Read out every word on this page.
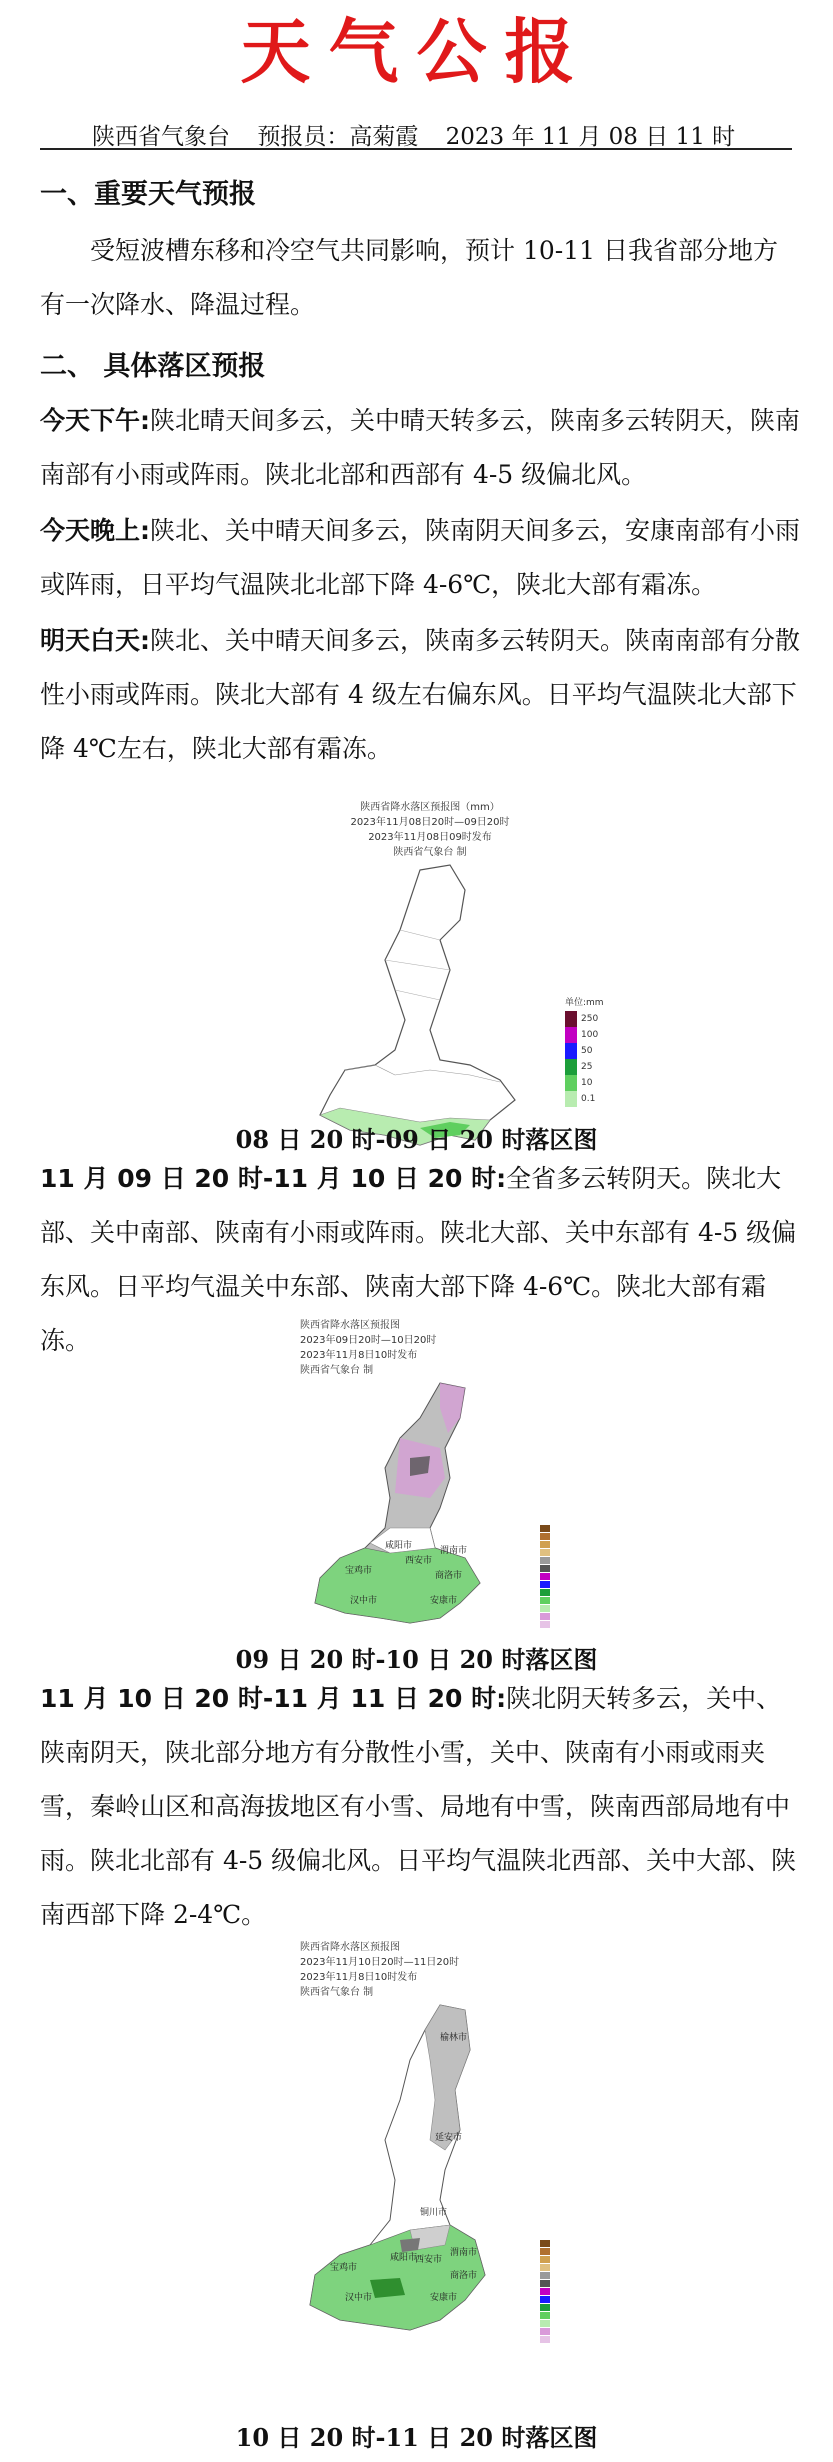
天气公报
陕西省气象台 预报员：高菊霞 2023 年 11 月 08 日 11 时
一、重要天气预报
受短波槽东移和冷空气共同影响，预计 10-11 日我省部分地方有一次降水、降温过程。
二、 具体落区预报
今天下午:陕北晴天间多云，关中晴天转多云，陕南多云转阴天，陕南南部有小雨或阵雨。陕北北部和西部有 4-5 级偏北风。
今天晚上:陕北、关中晴天间多云，陕南阴天间多云，安康南部有小雨或阵雨，日平均气温陕北北部下降 4-6℃，陕北大部有霜冻。
明天白天:陕北、关中晴天间多云，陕南多云转阴天。陕南南部有分散性小雨或阵雨。陕北大部有 4 级左右偏东风。日平均气温陕北大部下降 4℃左右，陕北大部有霜冻。
陕西省降水落区预报图（mm）
2023年11月08日20时—09日20时
2023年11月08日09时发布
陕西省气象台 制
单位:mm
250
100
50
25
10
0.1
08 日 20 时-09 日 20 时落区图
11 月 09 日 20 时-11 月 10 日 20 时:全省多云转阴天。陕北大部、关中南部、陕南有小雨或阵雨。陕北大部、关中东部有 4-5 级偏东风。日平均气温关中东部、陕南大部下降 4-6℃。陕北大部有霜冻。
陕西省降水落区预报图
2023年09日20时—10日20时
2023年11月8日10时发布
陕西省气象台 制
咸阳市
西安市
渭南市
宝鸡市
汉中市	安康市
商洛市
09 日 20 时-10 日 20 时落区图
11 月 10 日 20 时-11 月 11 日 20 时:陕北阴天转多云，关中、陕南阴天，陕北部分地方有分散性小雪，关中、陕南有小雨或雨夹雪，秦岭山区和高海拔地区有小雪、局地有中雪，陕南西部局地有中雨。陕北北部有 4-5 级偏北风。日平均气温陕北西部、关中大部、陕南西部下降 2-4℃。
陕西省降水落区预报图
2023年11月10日20时—11日20时
2023年11月8日10时发布
陕西省气象台 制
榆林市
延安市
铜川市
宝鸡市
咸阳市
西安市
渭南市
汉中市	安康市
商洛市
10 日 20 时-11 日 20 时落区图
